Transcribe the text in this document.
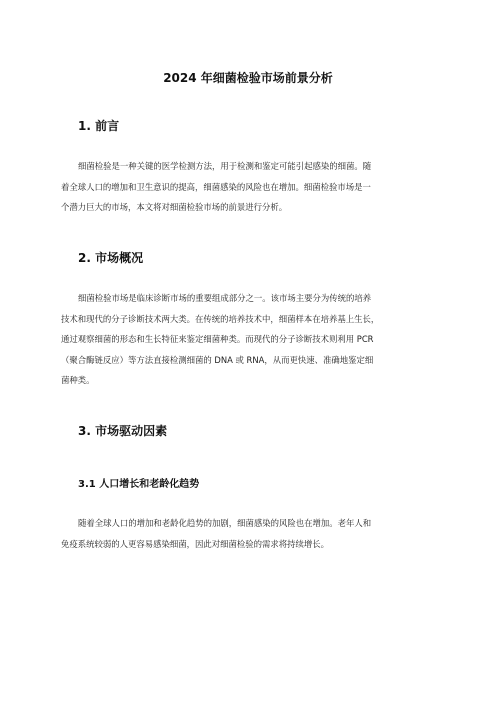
2024 年细菌检验市场前景分析
1. 前言
细菌检验是一种关键的医学检测方法，用于检测和鉴定可能引起感染的细菌。随
着全球人口的增加和卫生意识的提高，细菌感染的风险也在增加。细菌检验市场是一
个潜力巨大的市场，本文将对细菌检验市场的前景进行分析。
2. 市场概况
细菌检验市场是临床诊断市场的重要组成部分之一。该市场主要分为传统的培养
技术和现代的分子诊断技术两大类。在传统的培养技术中，细菌样本在培养基上生长，
通过观察细菌的形态和生长特征来鉴定细菌种类。而现代的分子诊断技术则利用 PCR
（聚合酶链反应）等方法直接检测细菌的 DNA 或 RNA，从而更快速、准确地鉴定细
菌种类。
3. 市场驱动因素
3.1 人口增长和老龄化趋势
随着全球人口的增加和老龄化趋势的加剧，细菌感染的风险也在增加。老年人和
免疫系统较弱的人更容易感染细菌，因此对细菌检验的需求将持续增长。
